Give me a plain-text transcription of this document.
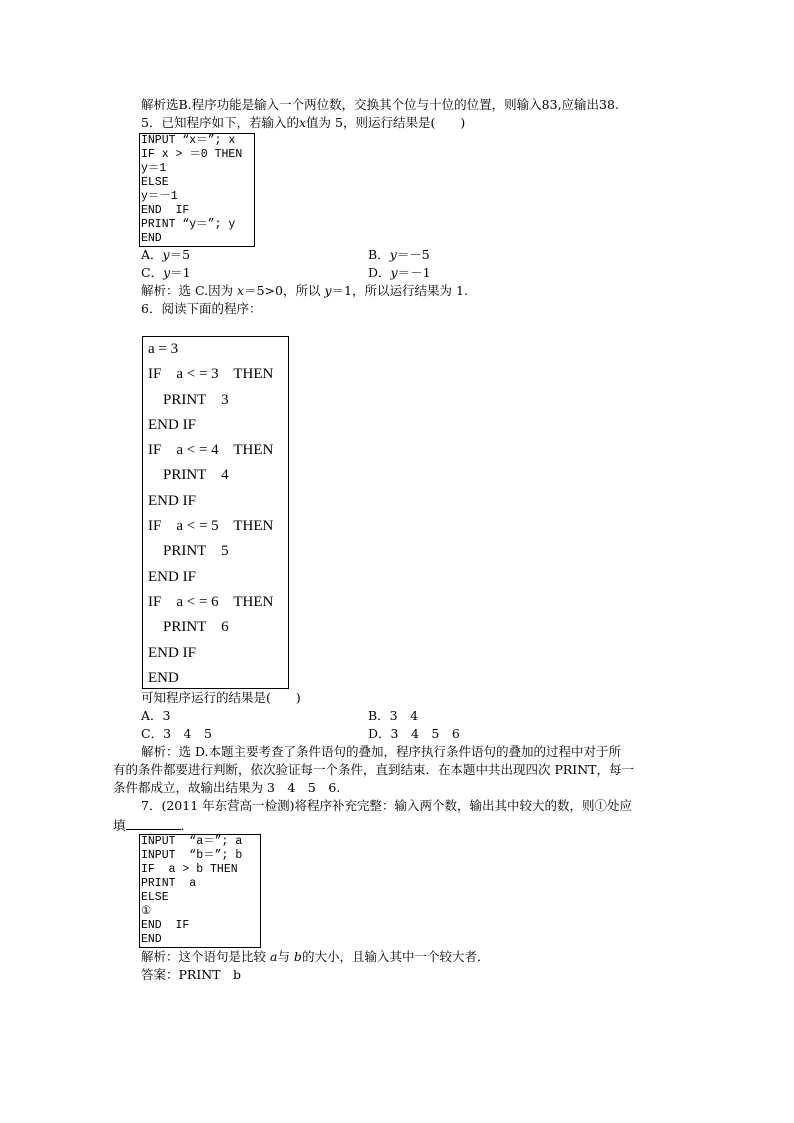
解析选B.程序功能是输入一个两位数，交换其个位与十位的位置，则输入83,应输出38.
5．已知程序如下，若输入的x值为 5，则运行结果是(　　)
INPUT “x＝”; x
IF x > ＝0 THEN
y＝1
ELSE
y＝－1
END  IF
PRINT “y＝”; y
END
A．y＝5	B．y＝－5
C．y＝1	D．y＝－1
解析：选 C.因为 x＝5>0，所以 y＝1，所以运行结果为 1.
6．阅读下面的程序：
a = 3
IF    a < = 3    THEN
PRINT    3
END IF
IF    a < = 4    THEN
PRINT    4
END IF
IF    a < = 5    THEN
PRINT    5
END IF
IF    a < = 6    THEN
PRINT    6
END IF
END
可知程序运行的结果是(　　)
A．3	B．3　4
C．3　4　5	D．3　4　5　6
解析：选 D.本题主要考查了条件语句的叠加，程序执行条件语句的叠加的过程中对于所
有的条件都要进行判断，依次验证每一个条件，直到结束．在本题中共出现四次 PRINT，每一
条件都成立，故输出结果为 3　4　5　6.
7．(2011 年东营高一检测)将程序补充完整：输入两个数，输出其中较大的数，则①处应
填	.
INPUT  “a＝”; a
INPUT  “b＝”; b
IF  a > b THEN
PRINT  a
ELSE
①
END  IF
END
解析：这个语句是比较 a与 b的大小，且输入其中一个较大者．
答案：PRINT　b
